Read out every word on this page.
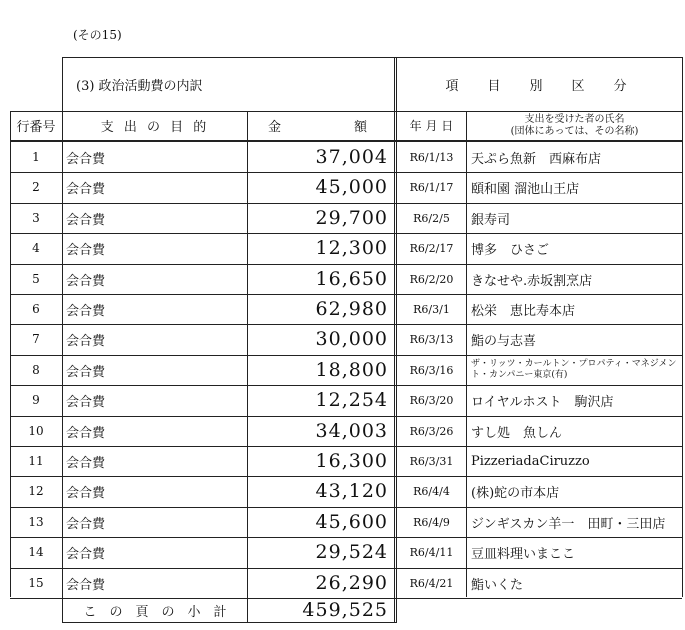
(その15)
(3) 政治活動費の内訳	項　目　別　区　分
行番号	支 出 の 目 的	金	額	年 月 日	支出を受けた者の氏名
(団体にあっては、その名称)
1	会合費	37,004	R6/1/13	天ぷら魚新　西麻布店
2	会合費	45,000	R6/1/17	頤和園 溜池山王店
3	会合費	29,700	R6/2/5	銀寿司
4	会合費	12,300	R6/2/17	博多　ひさご
5	会合費	16,650	R6/2/20	きなせや.赤坂割烹店
6	会合費	62,980	R6/3/1	松栄　恵比寿本店
7	会合費	30,000	R6/3/13	鮨の与志喜
8	会合費	18,800	R6/3/16	ザ・リッツ・カールトン・プロパティ・マネジメント・カンパニー東京(有)
9	会合費	12,254	R6/3/20	ロイヤルホスト　駒沢店
10	会合費	34,003	R6/3/26	すし処　魚しん
11	会合費	16,300	R6/3/31	PizzeriadaCiruzzo
12	会合費	43,120	R6/4/4	(株)蛇の市本店
13	会合費	45,600	R6/4/9	ジンギスカン羊一　田町・三田店
14	会合費	29,524	R6/4/11	豆皿料理いまここ
15	会合費	26,290	R6/4/21	鮨いくた
こ　の　頁　の　小　計	459,525
